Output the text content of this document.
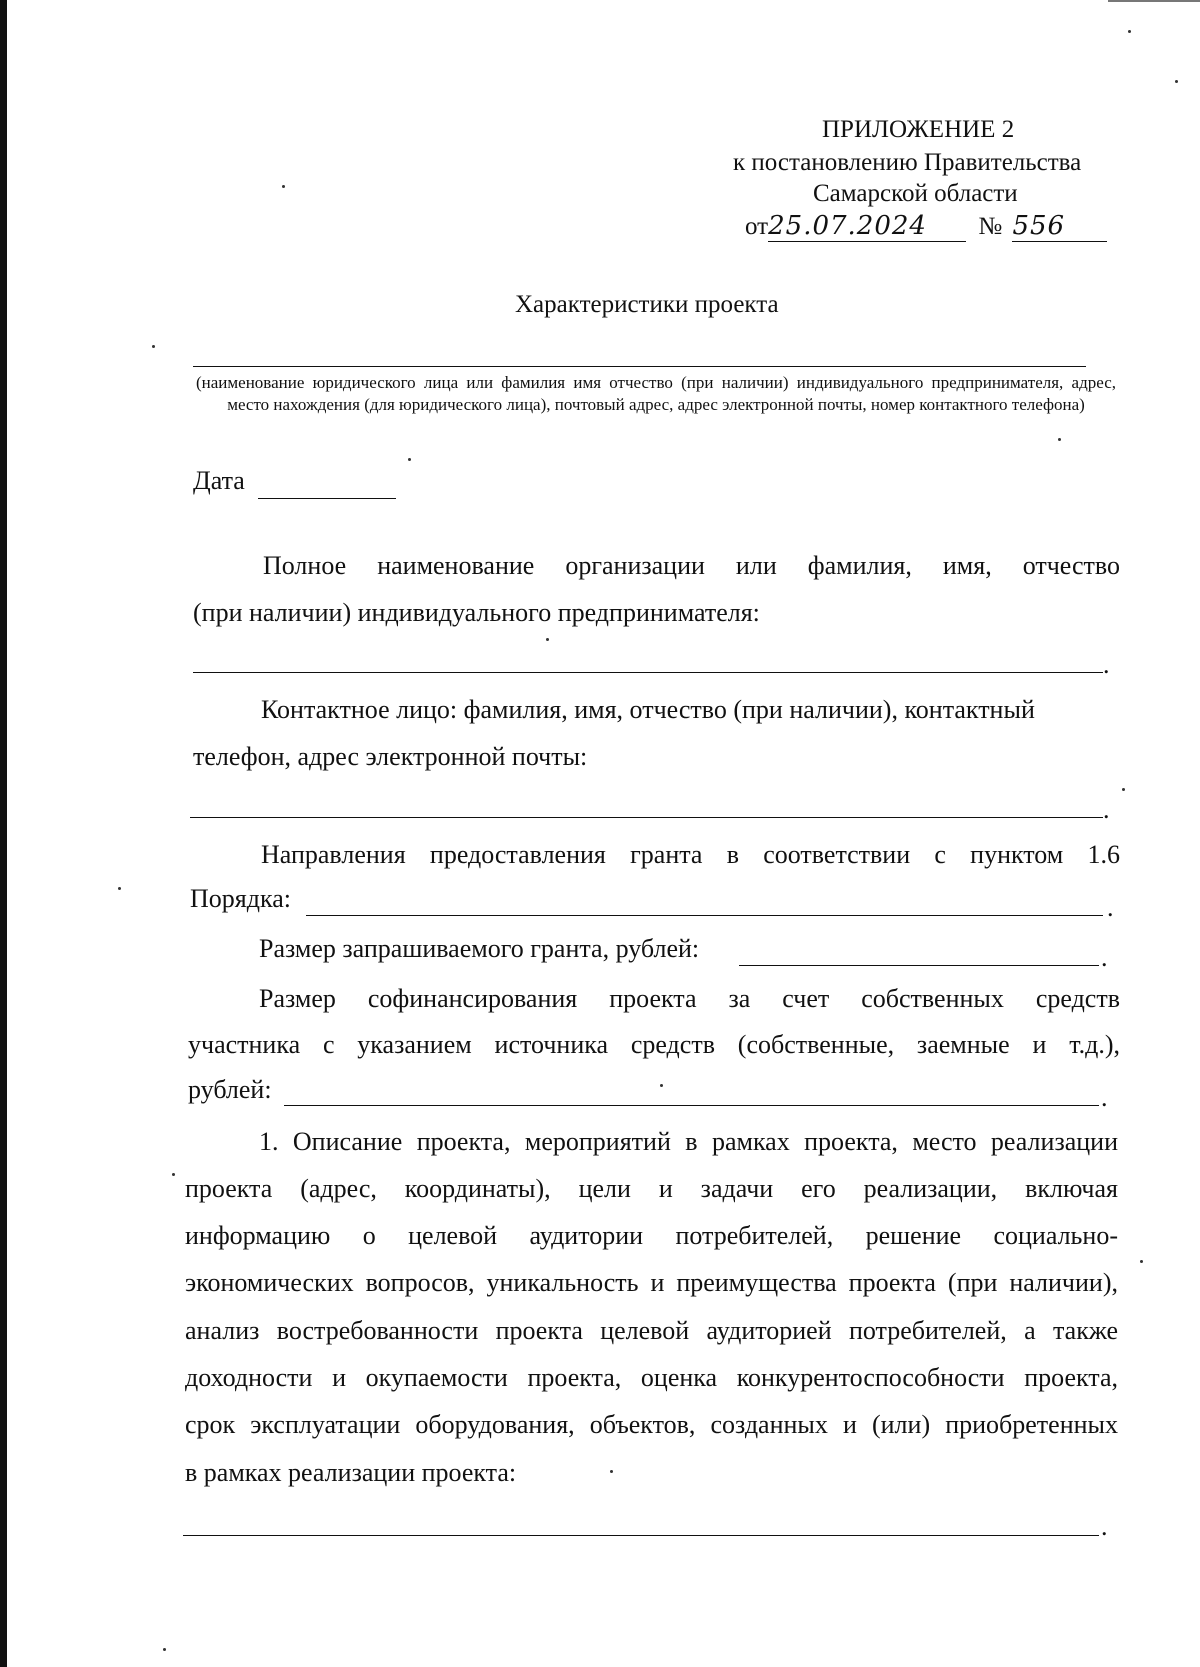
ПРИЛОЖЕНИЕ 2
к постановлению Правительства
Самарской области
от25.07.2024 № 556
Характеристики проекта
(наименование юридического лица или фамилия имя отчество (при наличии) индивидуального предпринимателя, адрес, место нахождения (для юридического лица), почтовый адрес, адрес электронной почты, номер контактного телефона)
Дата
Полное наименование организации или фамилия, имя, отчество
(при наличии) индивидуального предпринимателя:
.
Контактное лицо: фамилия, имя, отчество (при наличии), контактный
телефон, адрес электронной почты:
.
Направления предоставления гранта в соответствии с пунктом 1.6
Порядка:	.
Размер запрашиваемого гранта, рублей:	.
Размер софинансирования проекта за счет собственных средств
участника с указанием источника средств (собственные, заемные и т.д.),
рублей:	.
1. Описание проекта, мероприятий в рамках проекта, место реализации
проекта (адрес, координаты), цели и задачи его реализации, включая
информацию о целевой аудитории потребителей, решение социально-
экономических вопросов, уникальность и преимущества проекта (при наличии),
анализ востребованности проекта целевой аудиторией потребителей, а также
доходности и окупаемости проекта, оценка конкурентоспособности проекта,
срок эксплуатации оборудования, объектов, созданных и (или) приобретенных
в рамках реализации проекта:
.
